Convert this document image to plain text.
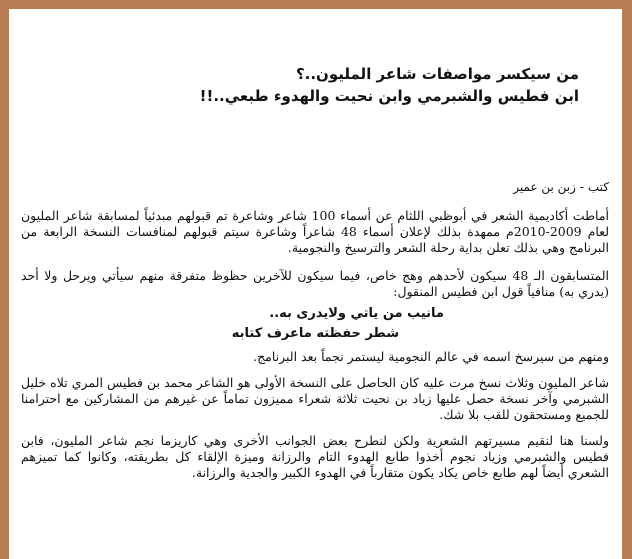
من سيكسر مواصفات شاعر المليون..؟

ابن فطيس والشبرمي وابن نحيت والهدوء طبعي..!!

كتب - زبن بن عمير

أماطت أكاديمية الشعر في أبوظبي اللثام عن أسماء 100 شاعر وشاعرة تم قبولهم مبدئياً لمسابقة شاعر المليون لعام 2009-2010م ممهدة بذلك لإعلان أسماء 48 شاعراً وشاعرة سيتم قبولهم لمنافسات النسخة الرابعة من البرنامج وهي بذلك تعلن بداية رحلة الشعر والترسيخ والنجومية.

المتسابقون الـ 48 سيكون لأحدهم وهج خاص، فيما سيكون للآخرين حظوظ متفرقة منهم سيأتي ويرحل ولا أحد (يدري به) منافياً قول ابن فطيس المنقول:

مانيب من ياتي ولايدرى به..

شطر حفظته ماعرف كتابه

ومنهم من سيرسخ اسمه في عالم النجومية ليستمر نجماً بعد البرنامج.

شاعر المليون وثلاث نسخ مرت عليه كان الحاصل على النسخة الأولى هو الشاعر محمد بن فطيس المري تلاه خليل الشبرمي وآخر نسخة حصل عليها زياد بن نحيت ثلاثة شعراء مميزون تماماً عن غيرهم من المشاركين مع احترامنا للجميع ومستحقون للقب بلا شك.

ولسنا هنا لنقيم مسيرتهم الشعرية ولكن لنطرح بعض الجوانب الأخرى وهي كاريزما نجم شاعر المليون، فابن فطيس والشبرمي وزياد نجوم أخذوا طابع الهدوء التام والرزانة وميزة الإلقاء كل بطريقته، وكانوا كما تميزهم الشعري أيضاً لهم طابع خاص يكاد يكون متقارباً في الهدوء الكبير والجدية والرزانة.
